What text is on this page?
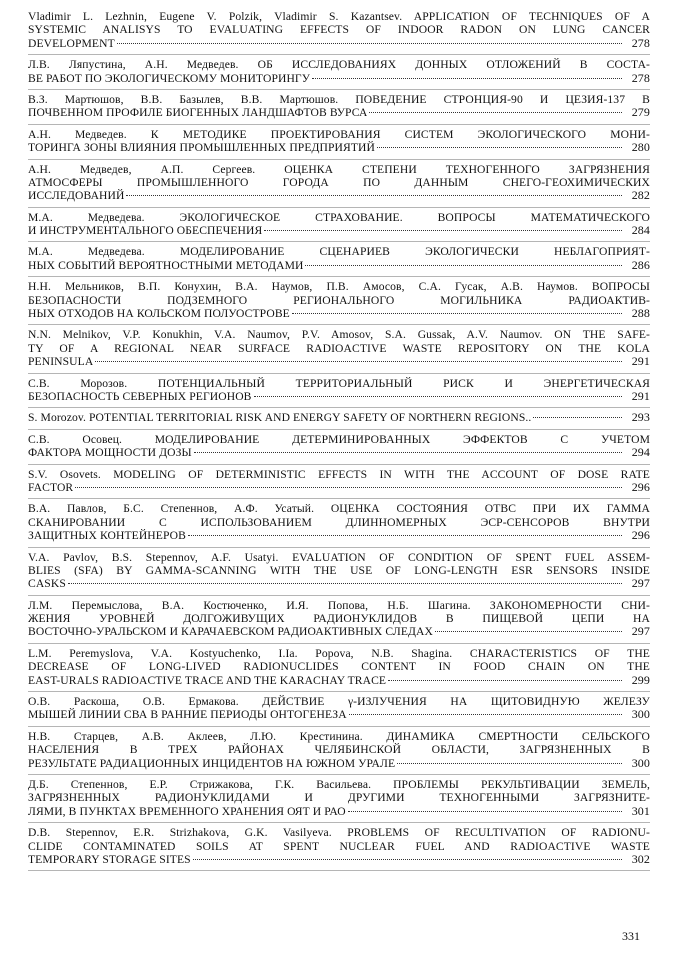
Vladimir L. Lezhnin, Eugene V. Polzik, Vladimir S. Kazantsev. APPLICATION OF TECHNIQUES OF A
SYSTEMIC ANALISYS TO EVALUATING EFFECTS OF INDOOR RADON ON LUNG CANCER
DEVELOPMENT	278
Л.В. Ляпустина, А.Н. Медведев. ОБ ИССЛЕДОВАНИЯХ ДОННЫХ ОТЛОЖЕНИЙ В СОСТА-
ВЕ РАБОТ ПО ЭКОЛОГИЧЕСКОМУ МОНИТОРИНГУ	278
В.З. Мартюшов, В.В. Базылев, В.В. Мартюшов. ПОВЕДЕНИЕ СТРОНЦИЯ-90 И ЦЕЗИЯ-137 В
ПОЧВЕННОМ ПРОФИЛЕ БИОГЕННЫХ ЛАНДШАФТОВ ВУРСА	279
А.Н. Медведев. К МЕТОДИКЕ ПРОЕКТИРОВАНИЯ СИСТЕМ ЭКОЛОГИЧЕСКОГО МОНИ-
ТОРИНГА ЗОНЫ ВЛИЯНИЯ ПРОМЫШЛЕННЫХ ПРЕДПРИЯТИЙ	280
А.Н. Медведев, А.П. Сергеев. ОЦЕНКА СТЕПЕНИ ТЕХНОГЕННОГО ЗАГРЯЗНЕНИЯ
АТМОСФЕРЫ ПРОМЫШЛЕННОГО ГОРОДА ПО ДАННЫМ СНЕГО-ГЕОХИМИЧЕСКИХ
ИССЛЕДОВАНИЙ	282
М.А. Медведева. ЭКОЛОГИЧЕСКОЕ СТРАХОВАНИЕ. ВОПРОСЫ МАТЕМАТИЧЕСКОГО
И ИНСТРУМЕНТАЛЬНОГО ОБЕСПЕЧЕНИЯ	284
М.А. Медведева. МОДЕЛИРОВАНИЕ СЦЕНАРИЕВ ЭКОЛОГИЧЕСКИ НЕБЛАГОПРИЯТ-
НЫХ СОБЫТИЙ ВЕРОЯТНОСТНЫМИ МЕТОДАМИ	286
Н.Н. Мельников, В.П. Конухин, В.А. Наумов, П.В. Амосов, С.А. Гусак, А.В. Наумов. ВОПРОСЫ
БЕЗОПАСНОСТИ ПОДЗЕМНОГО РЕГИОНАЛЬНОГО МОГИЛЬНИКА РАДИОАКТИВ-
НЫХ ОТХОДОВ НА КОЛЬСКОМ ПОЛУОСТРОВЕ	288
N.N. Melnikov, V.P. Konukhin, V.A. Naumov, P.V. Amosov, S.A. Gussak, A.V. Naumov. ON THE SAFE-
TY OF A REGIONAL NEAR SURFACE RADIOACTIVE WASTE REPOSITORY ON THE KOLA
PENINSULA	291
С.В. Морозов. ПОТЕНЦИАЛЬНЫЙ ТЕРРИТОРИАЛЬНЫЙ РИСК И ЭНЕРГЕТИЧЕСКАЯ
БЕЗОПАСНОСТЬ СЕВЕРНЫХ РЕГИОНОВ	291
S. Morozov. POTENTIAL TERRITORIAL RISK AND ENERGY SAFETY OF NORTHERN REGIONS..	293
С.В. Осовец. МОДЕЛИРОВАНИЕ ДЕТЕРМИНИРОВАННЫХ ЭФФЕКТОВ С УЧЕТОМ
ФАКТОРА МОЩНОСТИ ДОЗЫ	294
S.V. Osovets. MODELING OF DETERMINISTIC EFFECTS IN WITH THE ACCOUNT OF DOSE RATE
FACTOR	296
В.А. Павлов, Б.С. Степеннов, А.Ф. Усатый. ОЦЕНКА СОСТОЯНИЯ ОТВС ПРИ ИХ ГАММА
СКАНИРОВАНИИ С ИСПОЛЬЗОВАНИЕМ ДЛИННОМЕРНЫХ ЭСР-СЕНСОРОВ ВНУТРИ
ЗАЩИТНЫХ КОНТЕЙНЕРОВ	296
V.A. Pavlov, B.S. Stepennov, A.F. Usatyi. EVALUATION OF CONDITION OF SPENT FUEL ASSEM-
BLIES (SFA) BY GAMMA-SCANNING WITH THE USE OF LONG-LENGTH ESR SENSORS INSIDE
CASKS	297
Л.М. Перемыслова, В.А. Костюченко, И.Я. Попова, Н.Б. Шагина. ЗАКОНОМЕРНОСТИ СНИ-
ЖЕНИЯ УРОВНЕЙ ДОЛГОЖИВУЩИХ РАДИОНУКЛИДОВ В ПИЩЕВОЙ ЦЕПИ НА
ВОСТОЧНО-УРАЛЬСКОМ И КАРАЧАЕВСКОМ РАДИОАКТИВНЫХ СЛЕДАХ	297
L.M. Peremyslova, V.A. Kostyuchenko, I.Ia. Popova, N.B. Shagina. CHARACTERISTICS OF THE
DECREASE OF LONG-LIVED RADIONUCLIDES CONTENT IN FOOD CHAIN ON THE
EAST-URALS RADIOACTIVE TRACE AND THE KARACHAY TRACE	299
О.В. Раскоша, О.В. Ермакова. ДЕЙСТВИЕ γ-ИЗЛУЧЕНИЯ НА ЩИТОВИДНУЮ ЖЕЛЕЗУ
МЫШЕЙ ЛИНИИ СВА В РАННИЕ ПЕРИОДЫ ОНТОГЕНЕЗА	300
Н.В. Старцев, А.В. Аклеев, Л.Ю. Крестинина. ДИНАМИКА СМЕРТНОСТИ СЕЛЬСКОГО
НАСЕЛЕНИЯ В ТРЕХ РАЙОНАХ ЧЕЛЯБИНСКОЙ ОБЛАСТИ, ЗАГРЯЗНЕННЫХ В
РЕЗУЛЬТАТЕ РАДИАЦИОННЫХ ИНЦИДЕНТОВ НА ЮЖНОМ УРАЛЕ	300
Д.Б. Степеннов, Е.Р. Стрижакова, Г.К. Васильева. ПРОБЛЕМЫ РЕКУЛЬТИВАЦИИ ЗЕМЕЛЬ,
ЗАГРЯЗНЕННЫХ РАДИОНУКЛИДАМИ И ДРУГИМИ ТЕХНОГЕННЫМИ ЗАГРЯЗНИТЕ-
ЛЯМИ, В ПУНКТАХ ВРЕМЕННОГО ХРАНЕНИЯ ОЯТ И РАО	301
D.B. Stepennov, E.R. Strizhakova, G.K. Vasilyeva. PROBLEMS OF RECULTIVATION OF RADIONU-
CLIDE CONTAMINATED SOILS AT SPENT NUCLEAR FUEL AND RADIOACTIVE WASTE
TEMPORARY STORAGE SITES	302
331
